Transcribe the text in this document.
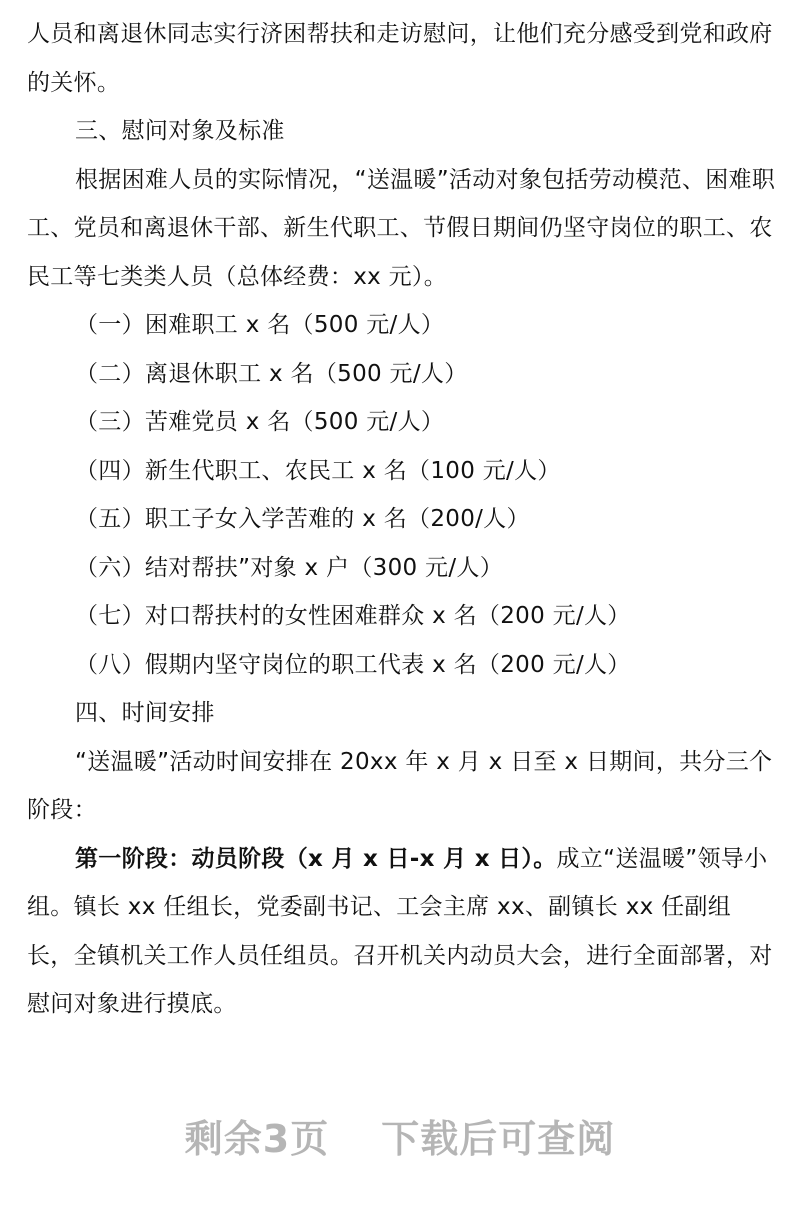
人员和离退休同志实行济困帮扶和走访慰问，让他们充分感受到党和政府的关怀。

三、慰问对象及标准

根据困难人员的实际情况，“送温暖”活动对象包括劳动模范、困难职工、党员和离退休干部、新生代职工、节假日期间仍坚守岗位的职工、农民工等七类类人员（总体经费：xx 元）。

（一）困难职工 x 名（500 元/人）

（二）离退休职工 x 名（500 元/人）

（三）苦难党员 x 名（500 元/人）

（四）新生代职工、农民工 x 名（100 元/人）

（五）职工子女入学苦难的 x 名（200/人）

（六）结对帮扶”对象 x 户（300 元/人）

（七）对口帮扶村的女性困难群众 x 名（200 元/人）

（八）假期内坚守岗位的职工代表 x 名（200 元/人）

四、时间安排

“送温暖”活动时间安排在 20xx 年 x 月 x 日至 x 日期间，共分三个阶段：

第一阶段：动员阶段（x 月 x 日-x 月 x 日）。成立“送温暖”领导小组。镇长 xx 任组长，党委副书记、工会主席 xx、副镇长 xx 任副组长，全镇机关工作人员任组员。召开机关内动员大会，进行全面部署，对慰问对象进行摸底。

剩余3页 下载后可查阅
